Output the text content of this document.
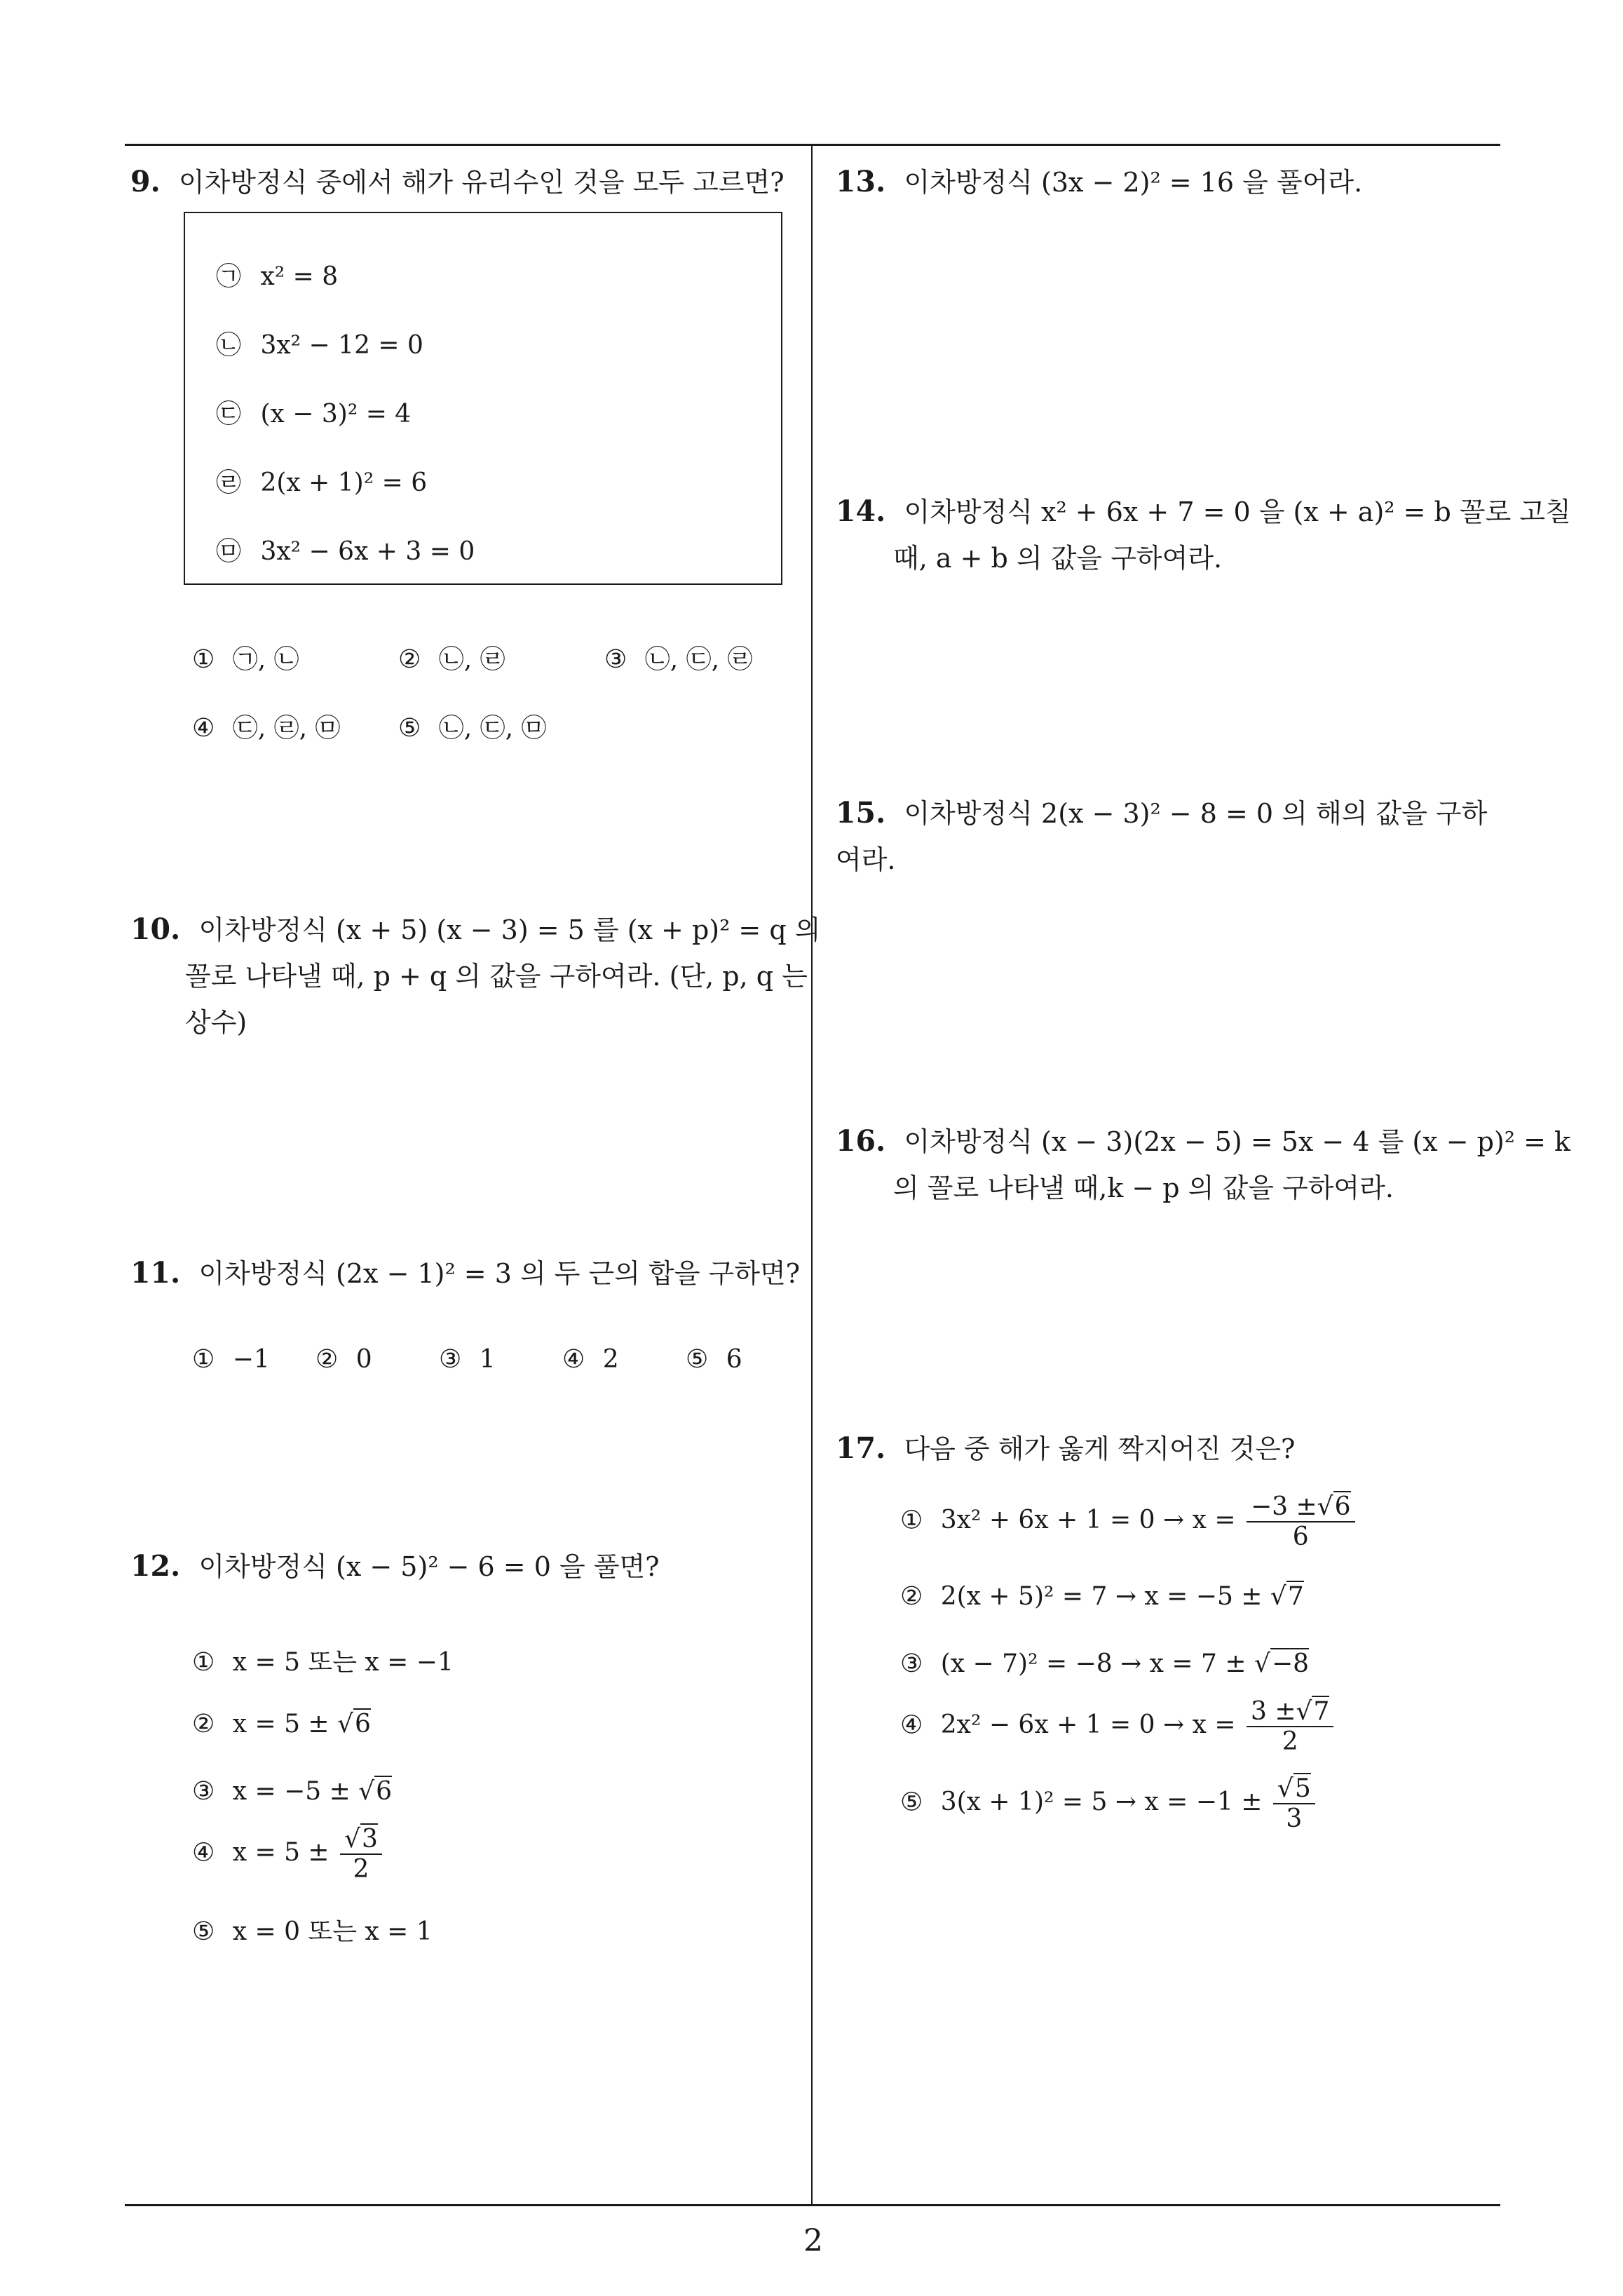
9. 이차방정식 중에서 해가 유리수인 것을 모두 고르면?
㉠ x² = 8
㉡ 3x² − 12 = 0
㉢ (x − 3)² = 4
㉣ 2(x + 1)² = 6
㉤ 3x² − 6x + 3 = 0
① ㉠, ㉡	② ㉡, ㉣	③ ㉡, ㉢, ㉣
④ ㉢, ㉣, ㉤ ⑤ ㉡, ㉢, ㉤
10. 이차방정식 (x + 5) (x − 3) = 5 를 (x + p)² = q 의
꼴로 나타낼 때, p + q 의 값을 구하여라. (단, p, q 는
상수)
11. 이차방정식 (2x − 1)² = 3 의 두 근의 합을 구하면?
① −1 ② 0	③ 1	④ 2	⑤ 6
12. 이차방정식 (x − 5)² − 6 = 0 을 풀면?
① x = 5 또는 x = −1
② x = 5 ± √6
③ x = −5 ± √6
④ $x = 5 \pm \frac{√3}{2}$
⑤ x = 0 또는 x = 1
13. 이차방정식 (3x − 2)² = 16 을 풀어라.
14. 이차방정식 x² + 6x + 7 = 0 을 (x + a)² = b 꼴로 고칠
때, a + b 의 값을 구하여라.
15. 이차방정식 2(x − 3)² − 8 = 0 의 해의 값을 구하여라.
16. 이차방정식 (x − 3)(2x − 5) = 5x − 4 를 (x − p)² = k
의 꼴로 나타낼 때,k − p 의 값을 구하여라.
17. 다음 중 해가 옳게 짝지어진 것은?
① $3x^2 + 6x + 1 = 0 \to x = \frac{-3 \pm√6}{6}$
② 2(x + 5)² = 7 → x = −5 ± √7
③ (x − 7)² = −8 → x = 7 ± √−8
④ $2x^2 - 6x + 1 = 0 \to x = \frac{3 \pm√7}{2}$
⑤ $3(x + 1)^2 = 5 \to x = -1 \pm \frac{√5}{3}$
2
